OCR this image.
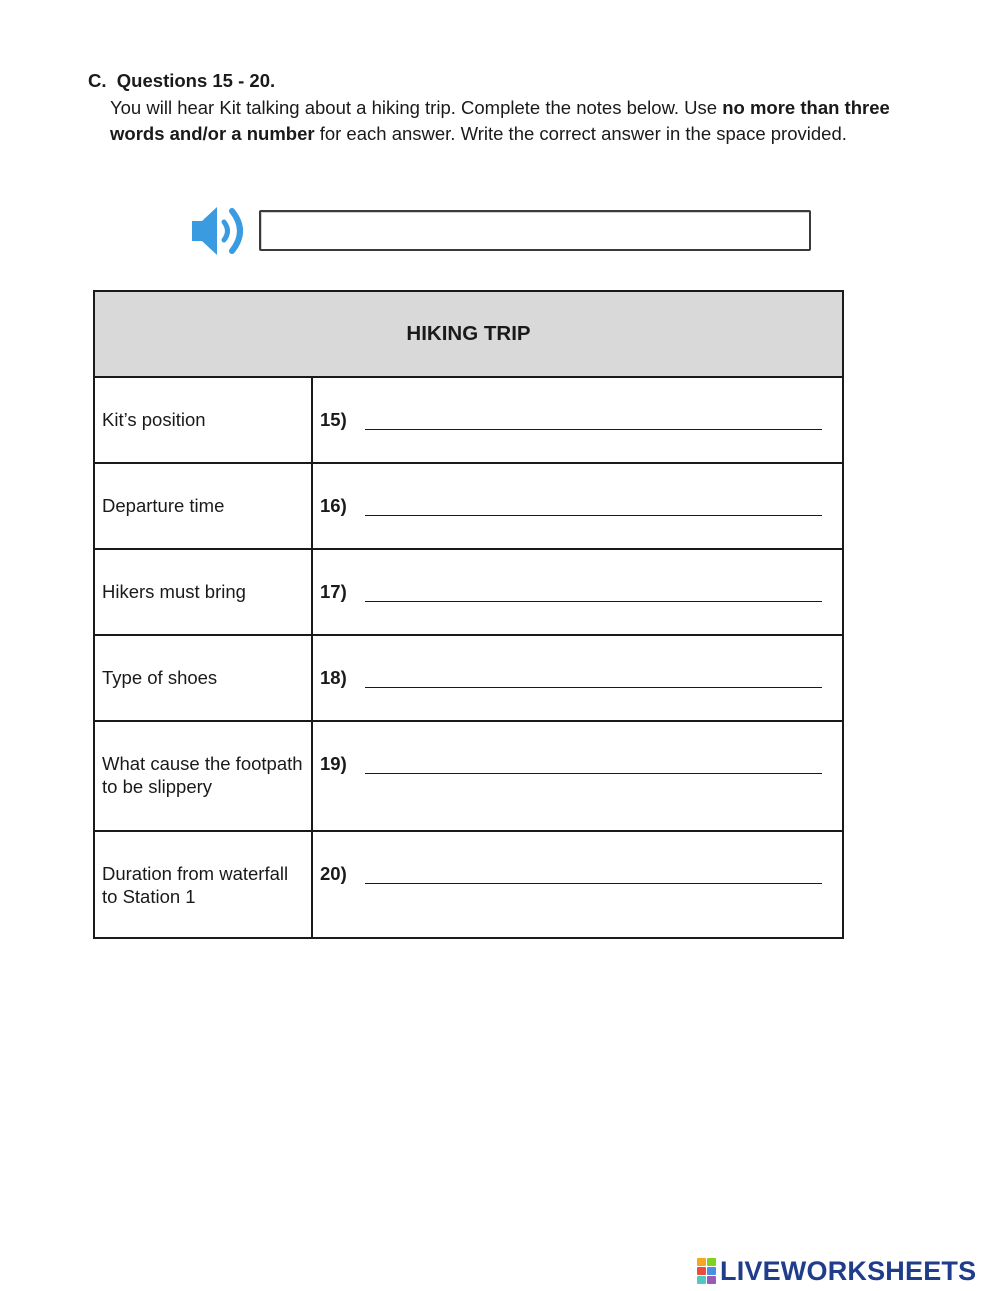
C.  Questions 15 - 20.
You will hear Kit talking about a hiking trip. Complete the notes below. Use no more than three words and/or a number for each answer. Write the correct answer in the space provided.
HIKING TRIP	
Kit’s position	15)

Departure time	16)

Hikers must bring	17)

Type of shoes	18)

What cause the footpath to be slippery	19)

Duration from waterfall to Station 1	20)
LIVEWORKSHEETS
